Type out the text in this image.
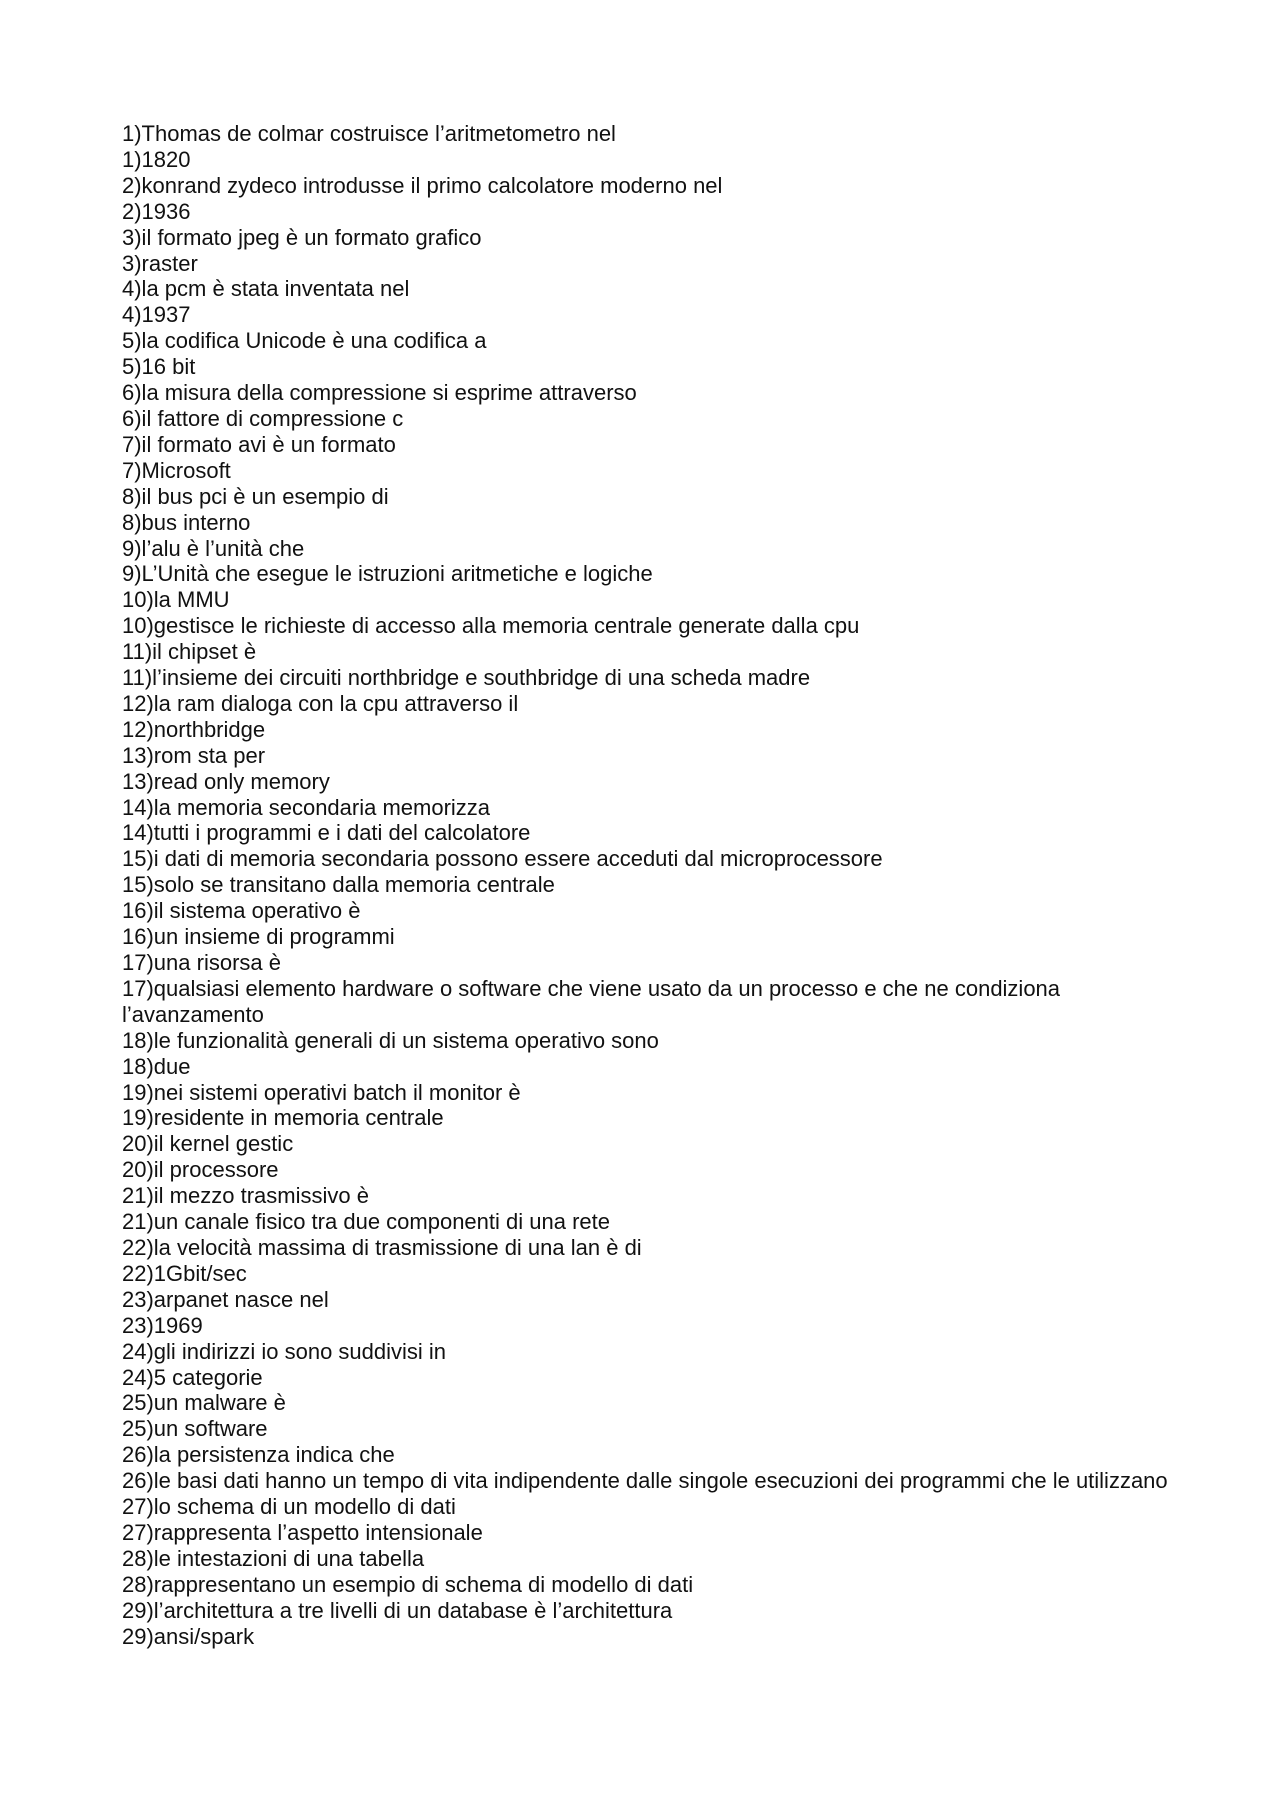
1)Thomas de colmar costruisce l’aritmetometro nel
1)1820
2)konrand zydeco introdusse il primo calcolatore moderno nel
2)1936
3)il formato jpeg è un formato grafico
3)raster
4)la pcm è stata inventata nel
4)1937
5)la codifica Unicode è una codifica a
5)16 bit
6)la misura della compressione si esprime attraverso
6)il fattore di compressione c
7)il formato avi è un formato
7)Microsoft
8)il bus pci è un esempio di
8)bus interno
9)l’alu è l’unità che
9)L’Unità che esegue le istruzioni aritmetiche e logiche
10)la MMU
10)gestisce le richieste di accesso alla memoria centrale generate dalla cpu
11)il chipset è
11)l’insieme dei circuiti northbridge e southbridge di una scheda madre
12)la ram dialoga con la cpu attraverso il
12)northbridge
13)rom sta per
13)read only memory
14)la memoria secondaria memorizza
14)tutti i programmi e i dati del calcolatore
15)i dati di memoria secondaria possono essere acceduti dal microprocessore
15)solo se transitano dalla memoria centrale
16)il sistema operativo è
16)un insieme di programmi
17)una risorsa è
17)qualsiasi elemento hardware o software che viene usato da un processo e che ne condiziona l’avanzamento
18)le funzionalità generali di un sistema operativo sono
18)due
19)nei sistemi operativi batch il monitor è
19)residente in memoria centrale
20)il kernel gestic
20)il processore
21)il mezzo trasmissivo è
21)un canale fisico tra due componenti di una rete
22)la velocità massima di trasmissione di una lan è di
22)1Gbit/sec
23)arpanet nasce nel
23)1969
24)gli indirizzi io sono suddivisi in
24)5 categorie
25)un malware è
25)un software
26)la persistenza indica che
26)le basi dati hanno un tempo di vita indipendente dalle singole esecuzioni dei programmi che le utilizzano
27)lo schema di un modello di dati
27)rappresenta l’aspetto intensionale
28)le intestazioni di una tabella
28)rappresentano un esempio di schema di modello di dati
29)l’architettura a tre livelli di un database è l’architettura
29)ansi/spark
